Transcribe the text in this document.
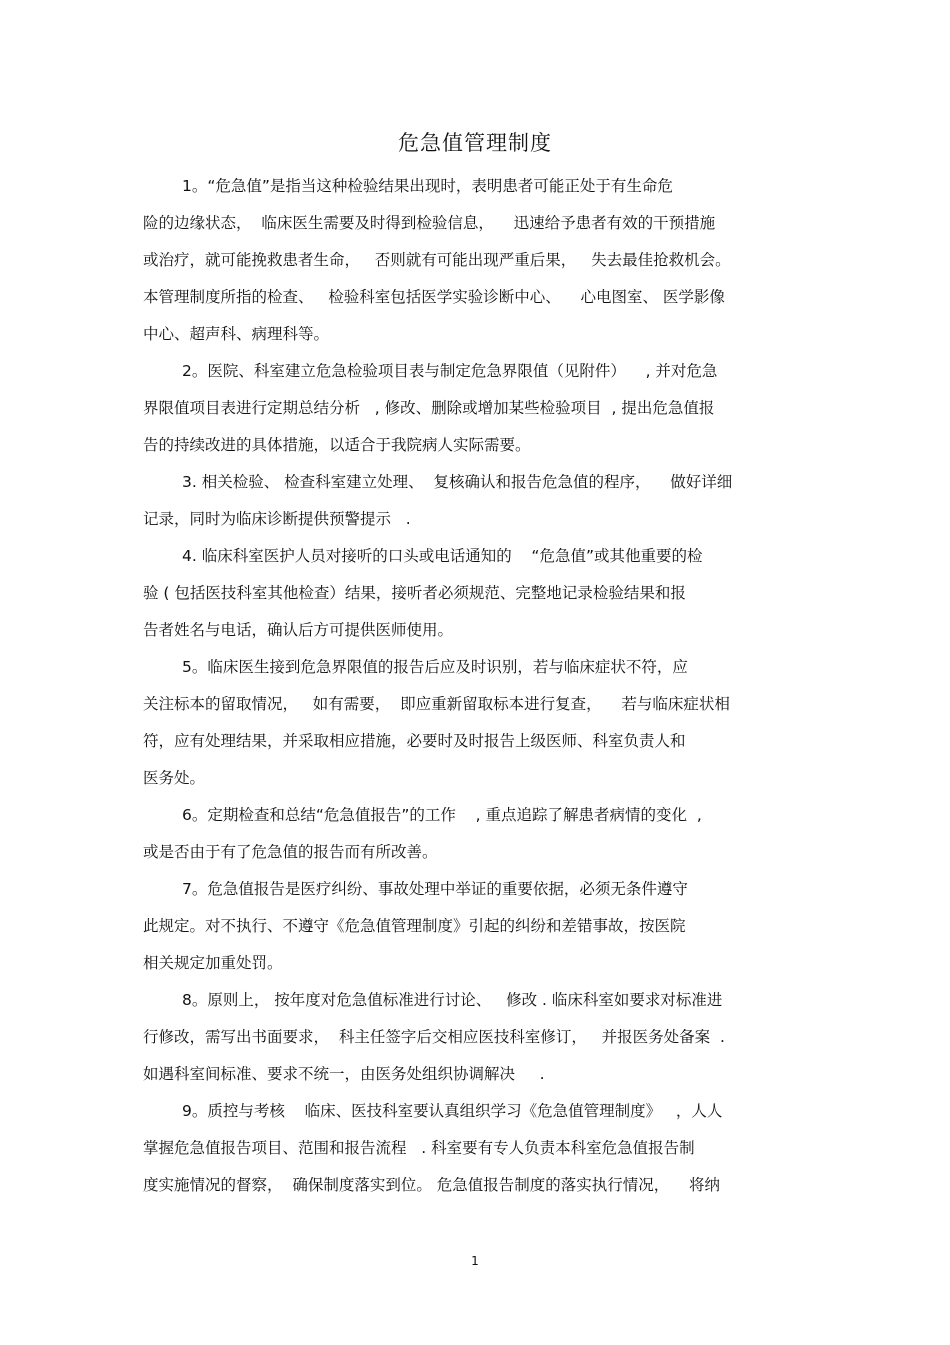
危急值管理制度
1。“危急值”是指当这种检验结果出现时，表明患者可能正处于有生命危
险的边缘状态，  临床医生需要及时得到检验信息，    迅速给予患者有效的干预措施
或治疗，就可能挽救患者生命，   否则就有可能出现严重后果，   失去最佳抢救机会。
本管理制度所指的检查、   检验科室包括医学实验诊断中心、    心电图室、 医学影像
中心、超声科、病理科等。
2。医院、科室建立危急检验项目表与制定危急界限值（见附件）    , 并对危急
界限值项目表进行定期总结分析   , 修改、删除或增加某些检验项目  , 提出危急值报
告的持续改进的具体措施，以适合于我院病人实际需要。
3. 相关检验、 检查科室建立处理、  复核确认和报告危急值的程序，    做好详细
记录，同时为临床诊断提供预警提示   .
4. 临床科室医护人员对接听的口头或电话通知的    “危急值”或其他重要的检
验 ( 包括医技科室其他检查）结果，接听者必须规范、完整地记录检验结果和报
告者姓名与电话，确认后方可提供医师使用。
5。临床医生接到危急界限值的报告后应及时识别，若与临床症状不符，应
关注标本的留取情况，   如有需要，  即应重新留取标本进行复查，    若与临床症状相
符，应有处理结果，并采取相应措施，必要时及时报告上级医师、科室负责人和
医务处。
6。定期检查和总结“危急值报告”的工作    , 重点追踪了解患者病情的变化  ,
或是否由于有了危急值的报告而有所改善。
7。危急值报告是医疗纠纷、事故处理中举证的重要依据，必须无条件遵守
此规定。对不执行、不遵守《危急值管理制度》引起的纠纷和差错事故，按医院
相关规定加重处罚。
8。原则上， 按年度对危急值标准进行讨论、   修改 . 临床科室如要求对标准进
行修改，需写出书面要求，  科主任签字后交相应医技科室修订，   并报医务处备案  .
如遇科室间标准、要求不统一，由医务处组织协调解决     .
9。质控与考核    临床、医技科室要认真组织学习《危急值管理制度》   ，人人
掌握危急值报告项目、范围和报告流程   . 科室要有专人负责本科室危急值报告制
度实施情况的督察，  确保制度落实到位。 危急值报告制度的落实执行情况，    将纳
1
